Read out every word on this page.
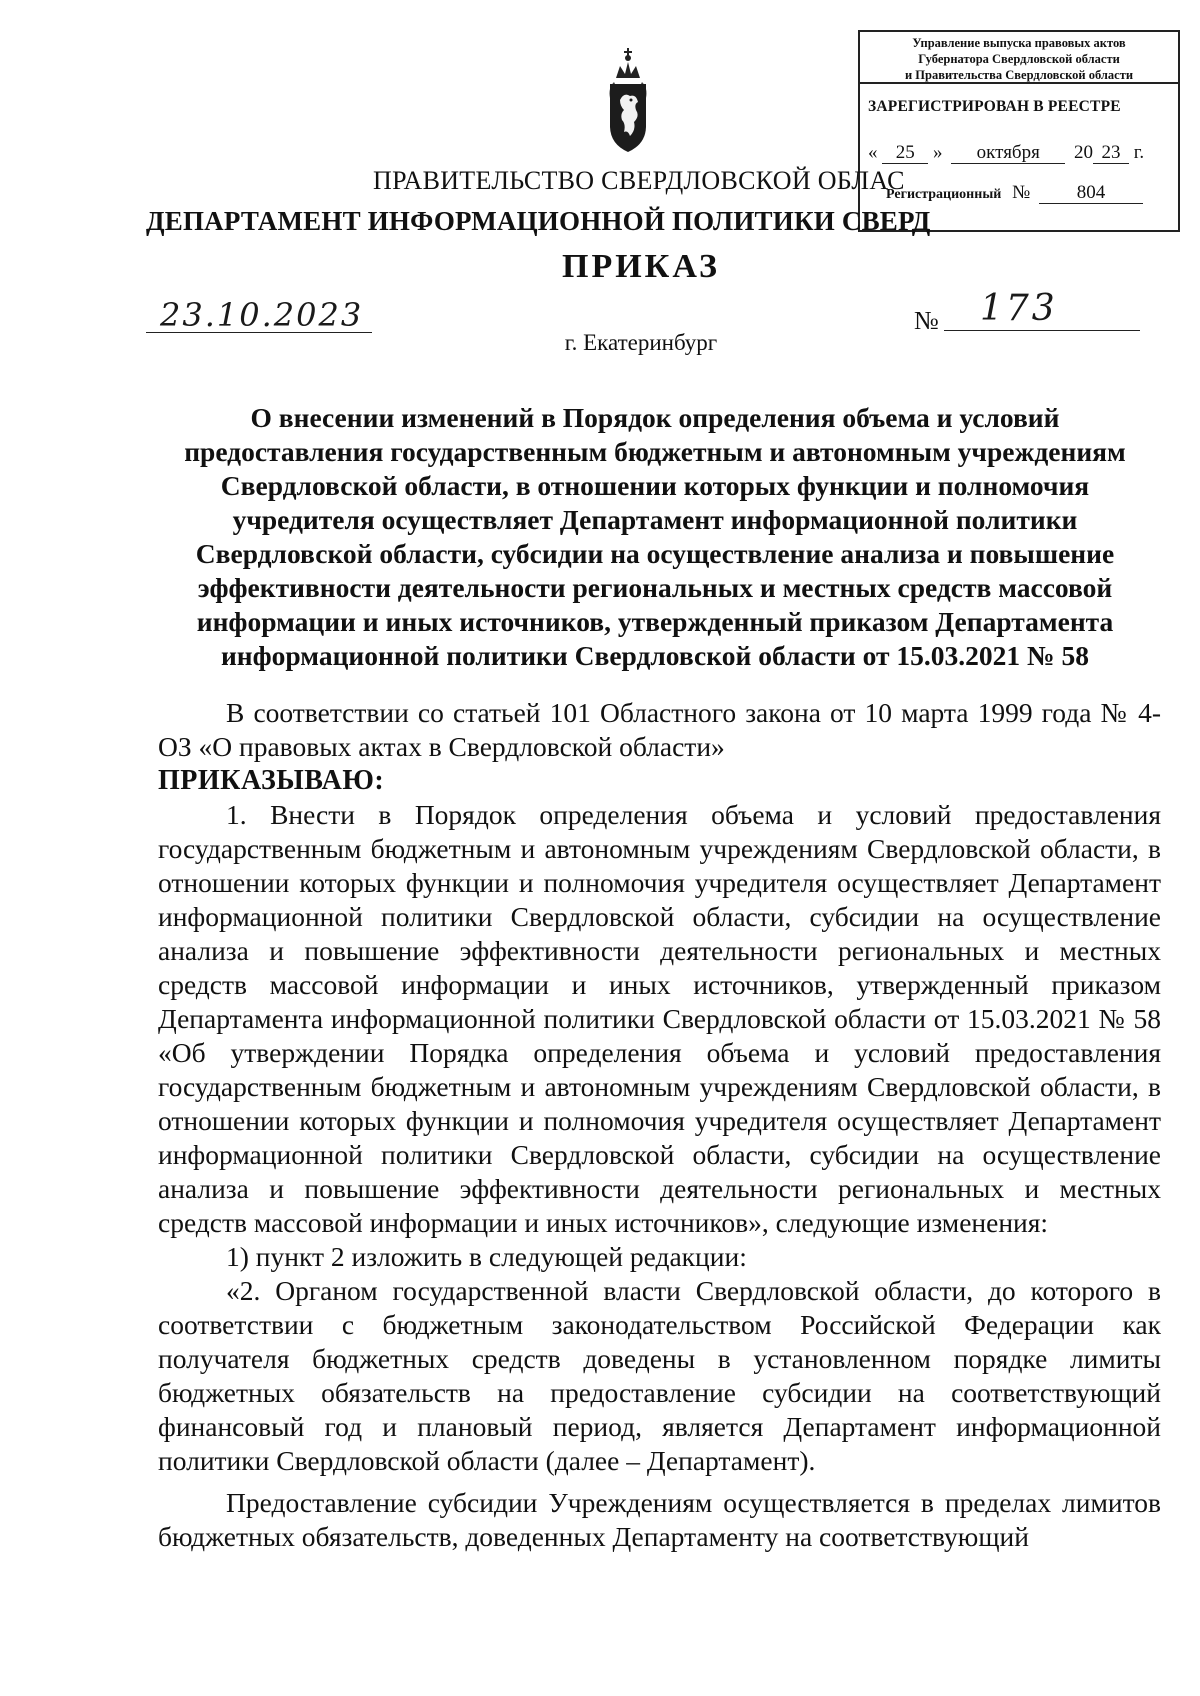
Управление выпуска правовых актов
Губернатора Свердловской области
и Правительства Свердловской области
ЗАРЕГИСТРИРОВАН В РЕЕСТРЕ
« 25 » октября 20 23 г.
Регистрационный № 804
ПРАВИТЕЛЬСТВО СВЕРДЛОВСКОЙ ОБЛАС
ДЕПАРТАМЕНТ ИНФОРМАЦИОННОЙ ПОЛИТИКИ СВЕРД
ПРИКАЗ
23.10.2023	№ 173
г. Екатеринбург
О внесении изменений в Порядок определения объема и условий предоставления государственным бюджетным и автономным учреждениям Свердловской области, в отношении которых функции и полномочия учредителя осуществляет Департамент информационной политики Свердловской области, субсидии на осуществление анализа и повышение эффективности деятельности региональных и местных средств массовой информации и иных источников, утвержденный приказом Департамента информационной политики Свердловской области от 15.03.2021 № 58

В соответствии со статьей 101 Областного закона от 10 марта 1999 года № 4-ОЗ «О правовых актах в Свердловской области»

ПРИКАЗЫВАЮ:

1. Внести в Порядок определения объема и условий предоставления государственным бюджетным и автономным учреждениям Свердловской области, в отношении которых функции и полномочия учредителя осуществляет Департамент информационной политики Свердловской области, субсидии на осуществление анализа и повышение эффективности деятельности региональных и местных средств массовой информации и иных источников, утвержденный приказом Департамента информационной политики Свердловской области от 15.03.2021 № 58 «Об утверждении Порядка определения объема и условий предоставления государственным бюджетным и автономным учреждениям Свердловской области, в отношении которых функции и полномочия учредителя осуществляет Департамент информационной политики Свердловской области, субсидии на осуществление анализа и повышение эффективности деятельности региональных и местных средств массовой информации и иных источников», следующие изменения:

1) пункт 2 изложить в следующей редакции:

«2. Органом государственной власти Свердловской области, до которого в соответствии с бюджетным законодательством Российской Федерации как получателя бюджетных средств доведены в установленном порядке лимиты бюджетных обязательств на предоставление субсидии на соответствующий финансовый год и плановый период, является Департамент информационной политики Свердловской области (далее – Департамент).

Предоставление субсидии Учреждениям осуществляется в пределах лимитов бюджетных обязательств, доведенных Департаменту на соответствующий
